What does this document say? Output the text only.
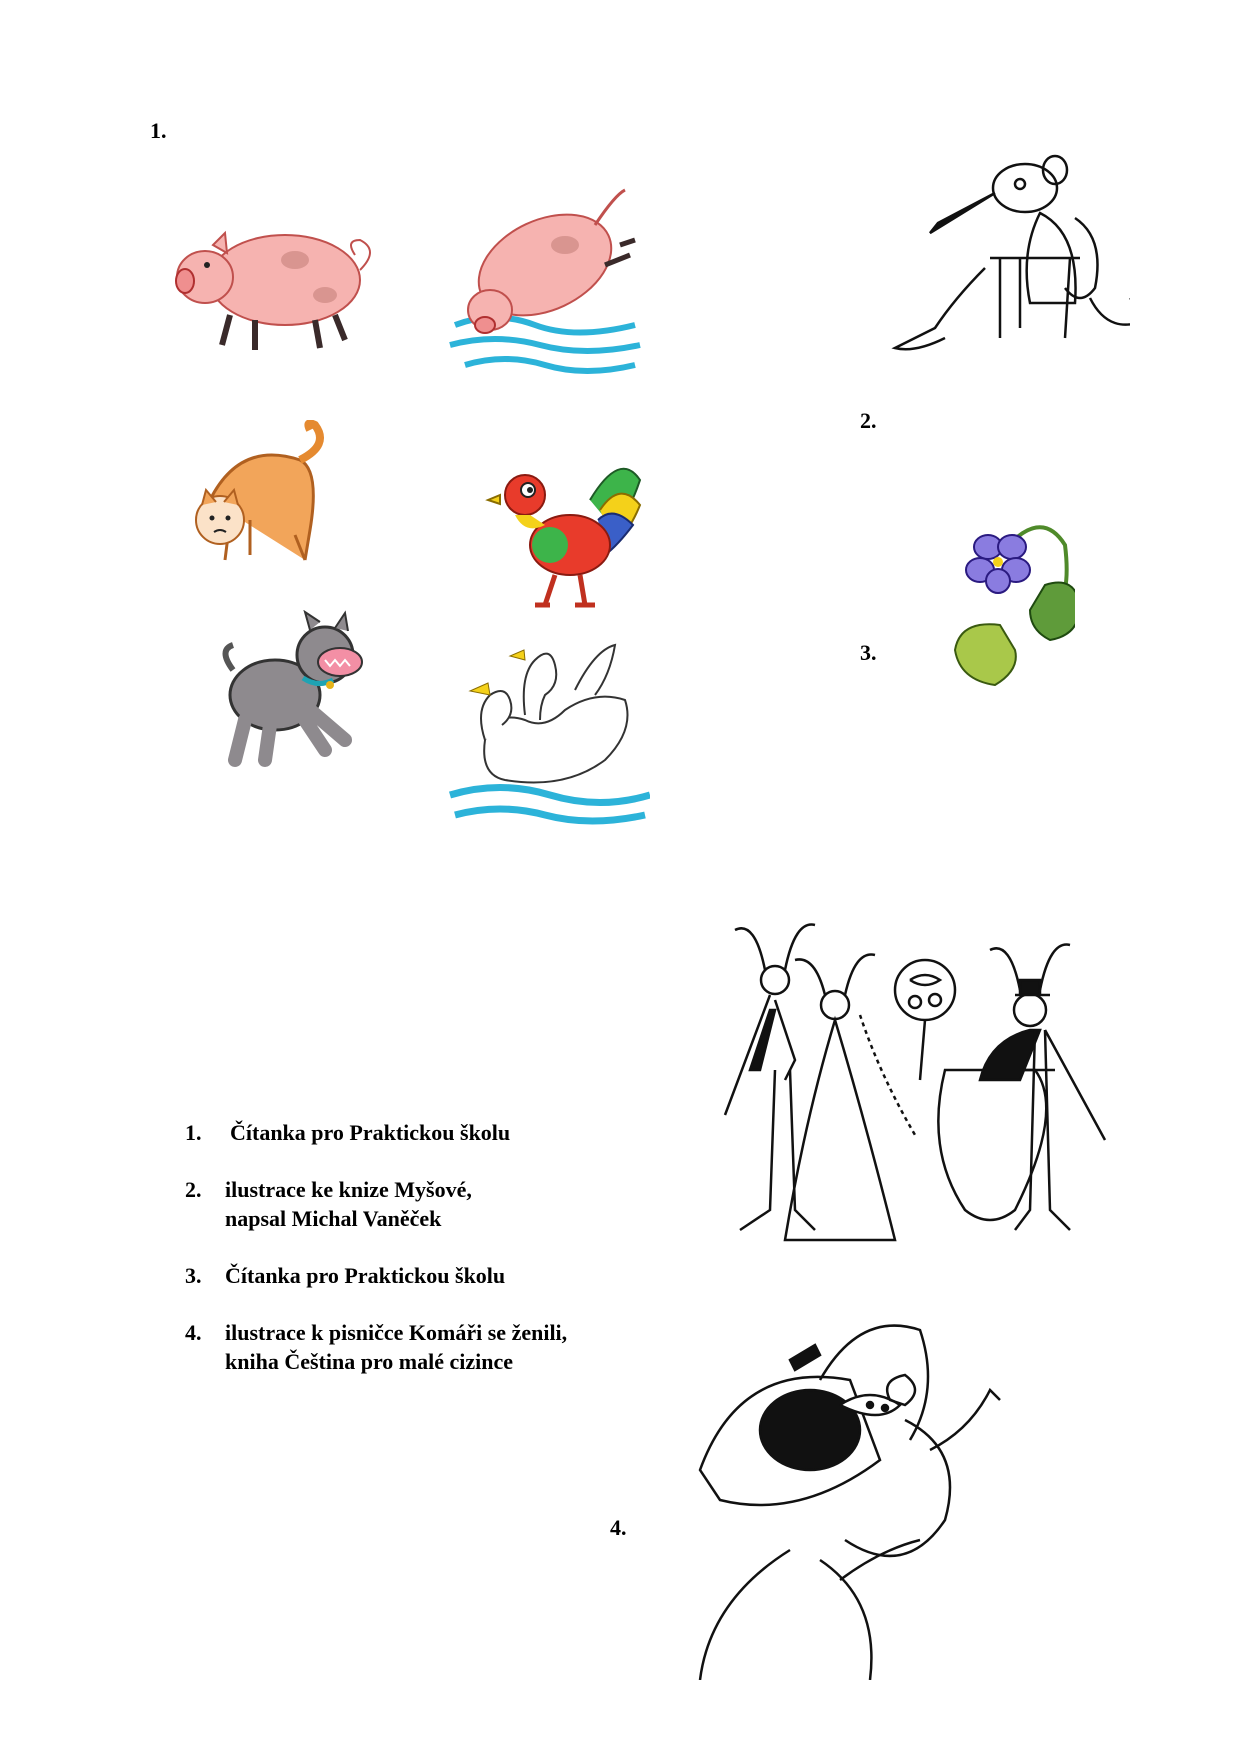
1.
2.
3.
4.
1. Čítanka pro Praktickou školu
2. ilustrace ke knize Myšové,
napsal Michal Vaněček
3. Čítanka pro Praktickou školu
4. ilustrace k pisničce Komáři se ženili,
kniha Čeština pro malé cizince
